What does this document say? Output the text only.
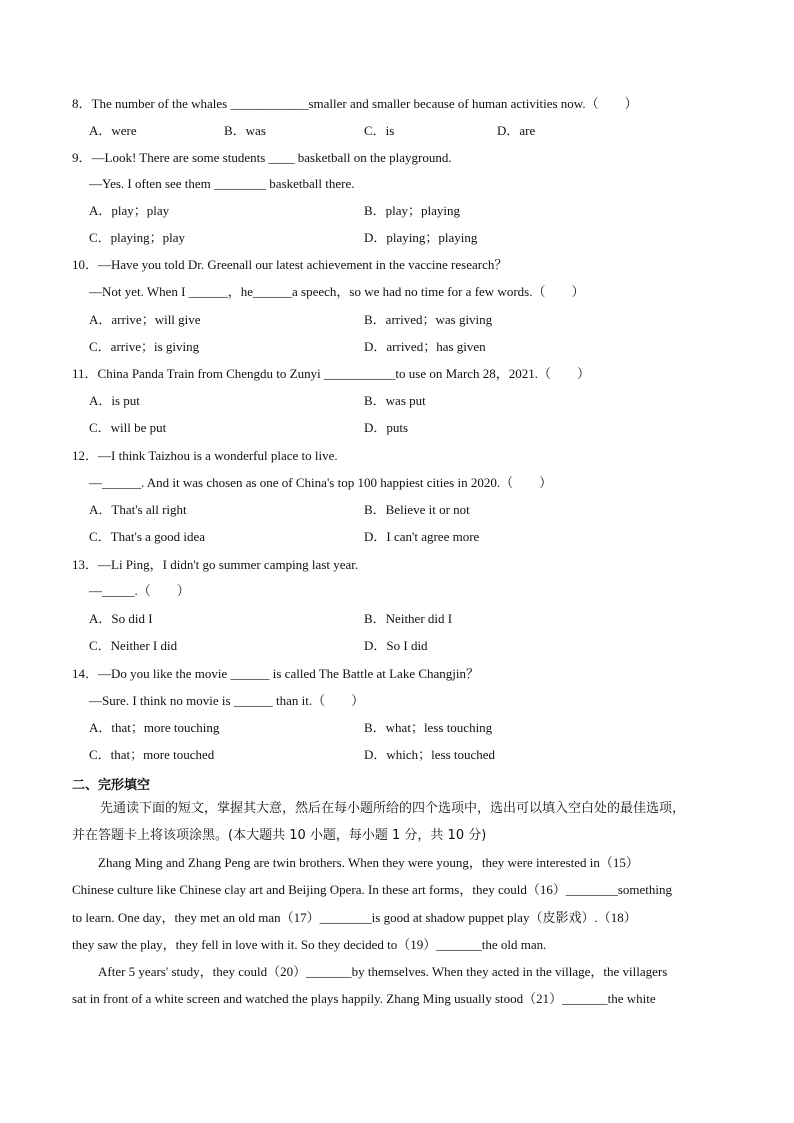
8．The number of the whales ____________smaller and smaller because of human activities now.（　　）
A．were	B．was	C．is	D．are
9．—Look! There are some students ____ basketball on the playground.
—Yes. I often see them ________ basketball there.
A．play；play	B．play；playing
C．playing；play	D．playing；playing
10．—Have you told Dr. Greenall our latest achievement in the vaccine research？
—Not yet. When I ______，he______a speech，so we had no time for a few words.（　　）
A．arrive；will give	B．arrived；was giving
C．arrive；is giving	D．arrived；has given
11．China Panda Train from Chengdu to Zunyi ___________to use on March 28，2021.（　　）
A．is put	B．was put
C．will be put	D．puts
12．—I think Taizhou is a wonderful place to live.
—______. And it was chosen as one of China's top 100 happiest cities in 2020.（　　）
A．That's all right	B．Believe it or not
C．That's a good idea	D．I can't agree more
13．—Li Ping，I didn't go summer camping last year.
—_____.（　　）
A．So did I	B．Neither did I
C．Neither I did	D．So I did
14．—Do you like the movie ______ is called The Battle at Lake Changjin？
—Sure. I think no movie is ______ than it.（　　）
A．that；more touching	B．what；less touching
C．that；more touched	D．which；less touched
二、完形填空
先通读下面的短文，掌握其大意，然后在每小题所给的四个选项中，选出可以填入空白处的最佳选项，
并在答题卡上将该项涂黑。(本大题共 10 小题，每小题 1 分，共 10 分)
　　Zhang Ming and Zhang Peng are twin brothers. When they were young，they were interested in（15）
Chinese culture like Chinese clay art and Beijing Opera. In these art forms，they could（16）________something
to learn. One day，they met an old man（17）________is good at shadow puppet play（皮影戏）.（18）
they saw the play，they fell in love with it. So they decided to（19）_______the old man.
　　After 5 years' study，they could（20）_______by themselves. When they acted in the village，the villagers
sat in front of a white screen and watched the plays happily. Zhang Ming usually stood（21）_______the white
